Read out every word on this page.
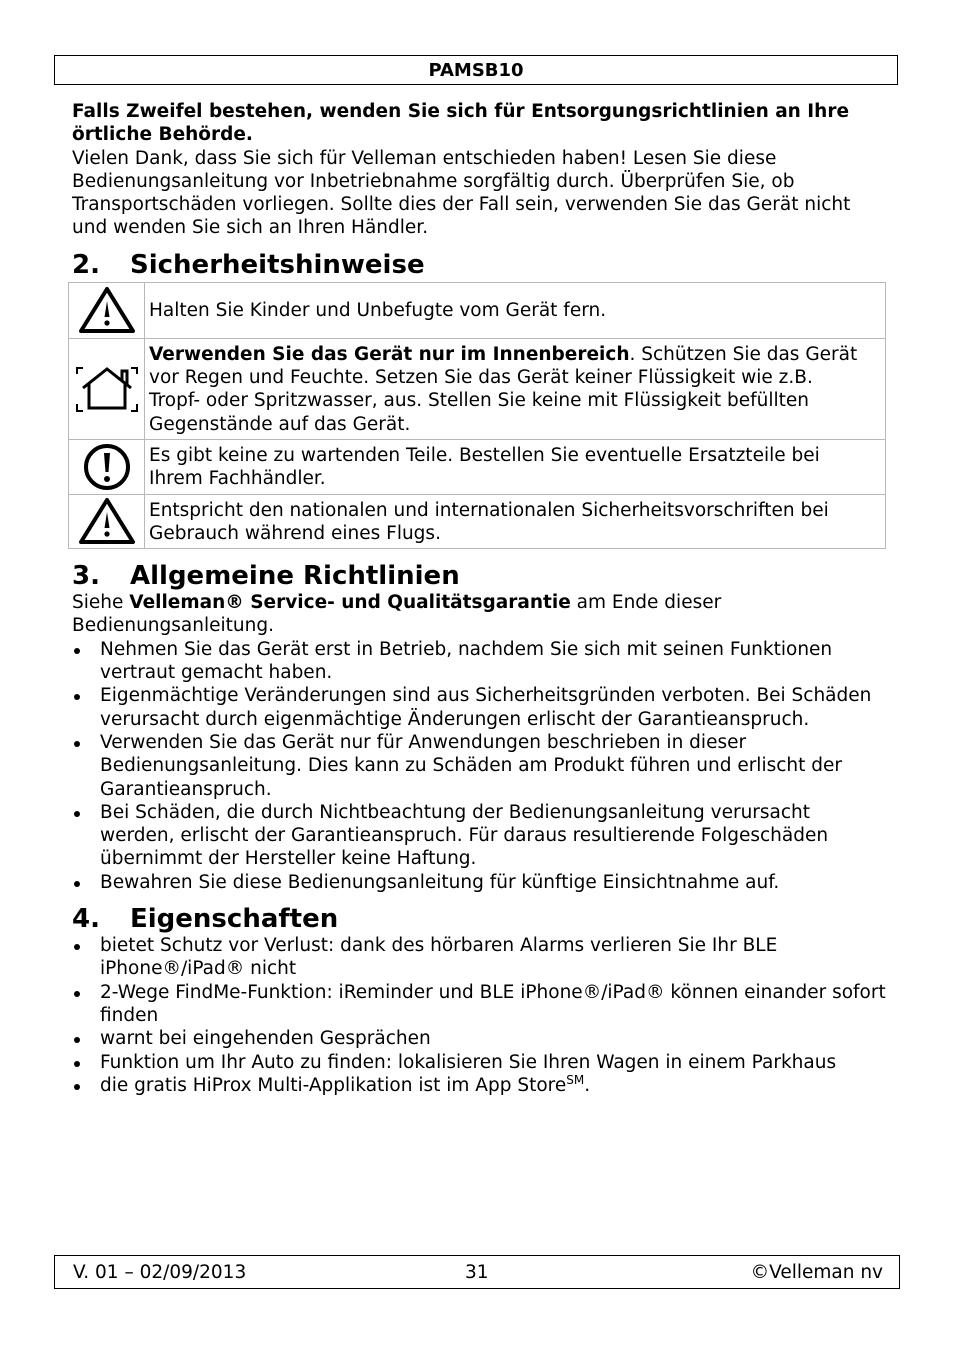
PAMSB10

Falls Zweifel bestehen, wenden Sie sich für Entsorgungsrichtlinien an Ihre örtliche Behörde.

Vielen Dank, dass Sie sich für Velleman entschieden haben! Lesen Sie diese Bedienungsanleitung vor Inbetriebnahme sorgfältig durch. Überprüfen Sie, ob Transportschäden vorliegen. Sollte dies der Fall sein, verwenden Sie das Gerät nicht und wenden Sie sich an Ihren Händler.

2. Sicherheitshinweise
	Halten Sie Kinder und Unbefugte vom Gerät fern.

	Verwenden Sie das Gerät nur im Innenbereich. Schützen Sie das Gerät vor Regen und Feuchte. Setzen Sie das Gerät keiner Flüssigkeit wie z.B. Tropf- oder Spritzwasser, aus. Stellen Sie keine mit Flüssigkeit befüllten Gegenstände auf das Gerät.

	Es gibt keine zu wartenden Teile. Bestellen Sie eventuelle Ersatzteile bei Ihrem Fachhändler.

	Entspricht den nationalen und internationalen Sicherheitsvorschriften bei Gebrauch während eines Flugs.
3. Allgemeine Richtlinien

Siehe Velleman® Service- und Qualitätsgarantie am Ende dieser Bedienungsanleitung.

Nehmen Sie das Gerät erst in Betrieb, nachdem Sie sich mit seinen Funktionen vertraut gemacht haben.
Eigenmächtige Veränderungen sind aus Sicherheitsgründen verboten. Bei Schäden verursacht durch eigenmächtige Änderungen erlischt der Garantieanspruch.
Verwenden Sie das Gerät nur für Anwendungen beschrieben in dieser Bedienungsanleitung. Dies kann zu Schäden am Produkt führen und erlischt der Garantieanspruch.
Bei Schäden, die durch Nichtbeachtung der Bedienungsanleitung verursacht werden, erlischt der Garantieanspruch. Für daraus resultierende Folgeschäden übernimmt der Hersteller keine Haftung.
Bewahren Sie diese Bedienungsanleitung für künftige Einsichtnahme auf.
4. Eigenschaften
bietet Schutz vor Verlust: dank des hörbaren Alarms verlieren Sie Ihr BLE iPhone®/iPad® nicht
2-Wege FindMe-Funktion: iReminder und BLE iPhone®/iPad® können einander sofort finden
warnt bei eingehenden Gesprächen
Funktion um Ihr Auto zu finden: lokalisieren Sie Ihren Wagen in einem Parkhaus
die gratis HiProx Multi-Applikation ist im App Store℠.
V. 01 – 02/09/2013	31	©Velleman nv
